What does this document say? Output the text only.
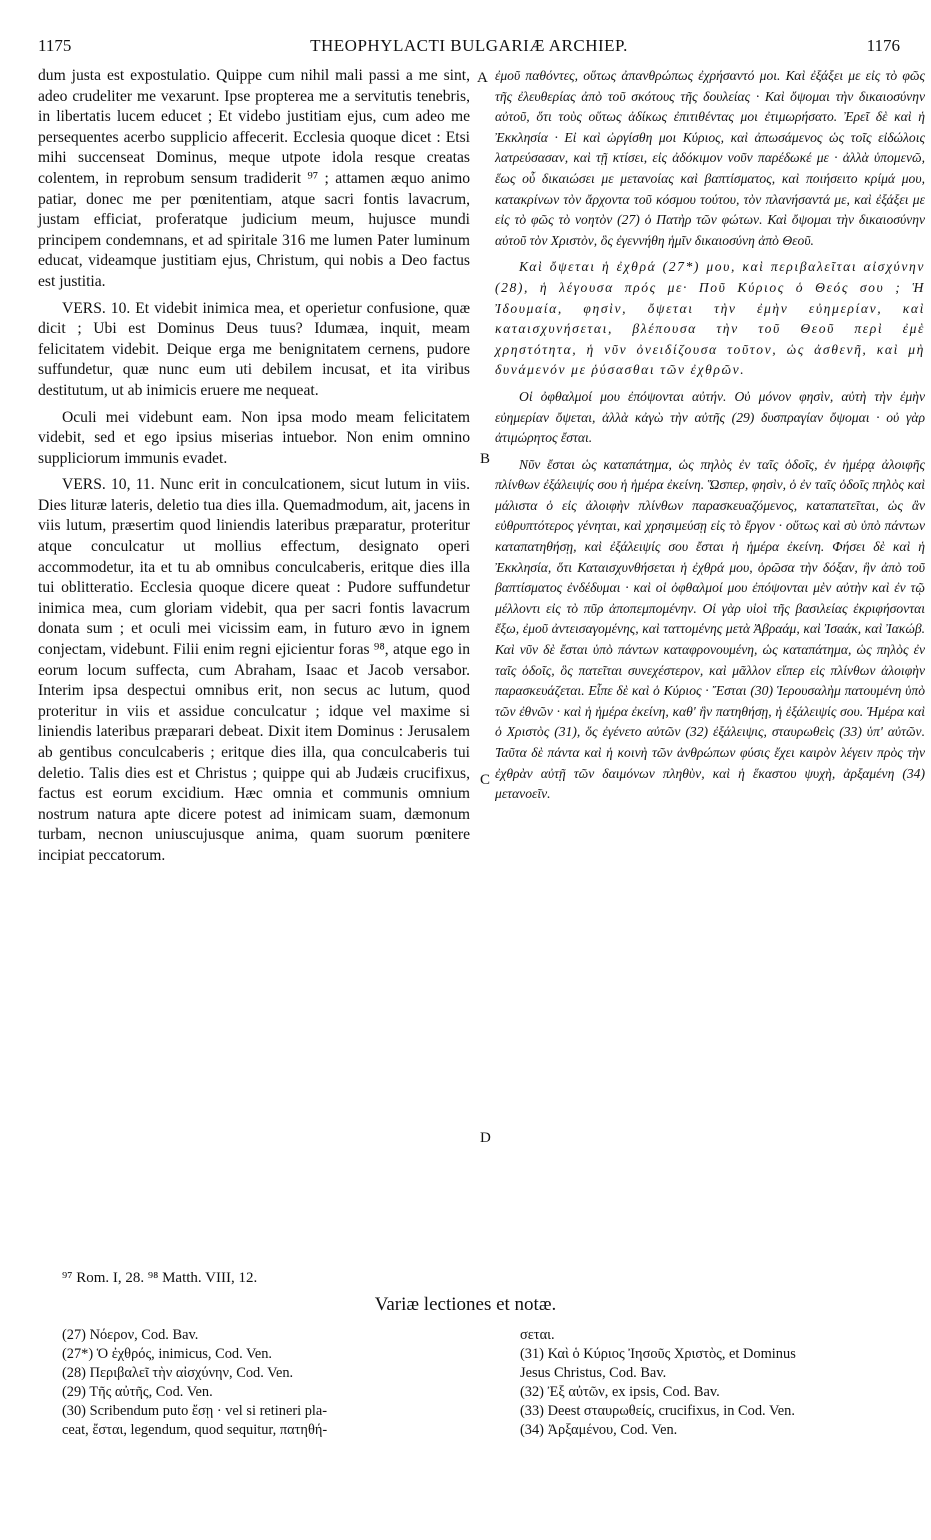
1175	THEOPHYLACTI BULGARIÆ ARCHIEP.	1176

dum justa est expostulatio. Quippe cum nihil mali passi a me sint, adeo crudeliter me vexarunt. Ipse propterea me a servitutis tenebris, in libertatis lucem educet ; Et videbo justitiam ejus, cum adeo me persequentes acerbo supplicio affecerit. Ecclesia quoque dicet : Etsi mihi succenseat Dominus, meque utpote idola resque creatas colentem, in reprobum sensum tradiderit ⁹⁷ ; attamen æquo animo patiar, donec me per pœnitentiam, atque sacri fontis lavacrum, justam efficiat, proferatque judicium meum, hujusce mundi principem condemnans, et ad spiritale 316 me lumen Pater luminum educat, videamque justitiam ejus, Christum, qui nobis a Deo factus est justitia.

VERS. 10. Et videbit inimica mea, et operietur confusione, quæ dicit ; Ubi est Dominus Deus tuus? Idumæa, inquit, meam felicitatem videbit. Deique erga me benignitatem cernens, pudore suffundetur, quæ nunc eum uti debilem incusat, et ita viribus destitutum, ut ab inimicis eruere me nequeat.

Oculi mei videbunt eam. Non ipsa modo meam felicitatem videbit, sed et ego ipsius miserias intuebor. Non enim omnino suppliciorum immunis evadet.

VERS. 10, 11. Nunc erit in conculcationem, sicut lutum in viis. Dies lituræ lateris, deletio tua dies illa. Quemadmodum, ait, jacens in viis lutum, præsertim quod liniendis lateribus præparatur, proteritur atque conculcatur ut mollius effectum, designato operi accommodetur, ita et tu ab omnibus conculcaberis, eritque dies illa tui oblitteratio. Ecclesia quoque dicere queat : Pudore suffundetur inimica mea, cum gloriam videbit, qua per sacri fontis lavacrum donata sum ; et oculi mei vicissim eam, in futuro ævo in ignem conjectam, videbunt. Filii enim regni ejicientur foras ⁹⁸, atque ego in eorum locum suffecta, cum Abraham, Isaac et Jacob versabor. Interim ipsa despectui omnibus erit, non secus ac lutum, quod proteritur in viis et assidue conculcatur ; idque vel maxime si liniendis lateribus præparari debeat. Dixit item Dominus : Jerusalem ab gentibus conculcaberis ; eritque dies illa, qua conculcaberis tui deletio. Talis dies est et Christus ; quippe qui ab Judæis crucifixus, factus est eorum excidium. Hæc omnia et communis omnium nostrum natura apte dicere potest ad inimicam suam, dæmonum turbam, necnon uniuscujusque anima, quam suorum pœnitere incipiat peccatorum.

ἐμοῦ παθόντες, οὕτως ἀπανθρώπως ἐχρήσαντό μοι. Καὶ ἐξάξει με εἰς τὸ φῶς τῆς ἐλευθερίας ἀπὸ τοῦ σκότους τῆς δουλείας · Καὶ ὄψομαι τὴν δικαιοσύνην αὐτοῦ, ὅτι τοὺς οὕτως ἀδίκως ἐπιτιθέντας μοι ἐτιμωρήσατο. Ἐρεῖ δὲ καὶ ἡ Ἐκκλησία · Εἰ καὶ ὠργίσθη μοι Κύριος, καὶ ἀπωσάμενος ὡς τοῖς εἰδώλοις λατρεύσασαν, καὶ τῇ κτίσει, εἰς ἀδόκιμον νοῦν παρέδωκέ με · ἀλλὰ ὑπομενῶ, ἕως οὗ δικαιώσει με μετανοίας καὶ βαπτίσματος, καὶ ποιήσειτο κρίμά μου, κατακρίνων τὸν ἄρχοντα τοῦ κόσμου τούτου, τὸν πλανήσαντά με, καὶ ἐξάξει με εἰς τὸ φῶς τὸ νοητὸν (27) ὁ Πατὴρ τῶν φώτων. Καὶ ὄψομαι τὴν δικαιοσύνην αὐτοῦ τὸν Χριστὸν, ὃς ἐγεννήθη ἡμῖν δικαιοσύνη ἀπὸ Θεοῦ.

Καὶ ὄψεται ἡ ἐχθρά (27*) μου, καὶ περιβαλεῖται αἰσχύνην (28), ἡ λέγουσα πρός με· Ποῦ Κύριος ὁ Θεός σου ; Ἡ Ἰδουμαία, φησὶν, ὄψεται τὴν ἐμὴν εὐημερίαν, καὶ καταισχυνήσεται, βλέπουσα τὴν τοῦ Θεοῦ περὶ ἐμὲ χρηστότητα, ἡ νῦν ὀνειδίζουσα τοῦτον, ὡς ἀσθενῆ, καὶ μὴ δυνάμενόν με ῥύσασθαι τῶν ἐχθρῶν.

Οἱ ὀφθαλμοί μου ἐπόψονται αὐτήν. Οὐ μόνον φησὶν, αὐτὴ τὴν ἐμὴν εὐημερίαν ὄψεται, ἀλλὰ κἀγὼ τὴν αὐτῆς (29) δυσπραγίαν ὄψομαι · οὐ γὰρ ἀτιμώρητος ἔσται.

Νῦν ἔσται ὡς καταπάτημα, ὡς πηλὸς ἐν ταῖς ὁδοῖς, ἐν ἡμέρᾳ ἀλοιφῆς πλίνθων ἐξάλειψίς σου ἡ ἡμέρα ἐκείνη. Ὥσπερ, φησὶν, ὁ ἐν ταῖς ὁδοῖς πηλὸς καὶ μάλιστα ὁ εἰς ἀλοιφὴν πλίνθων παρασκευαζόμενος, καταπατεῖται, ὡς ἂν εὐθρυπτότερος γένηται, καὶ χρησιμεύσῃ εἰς τὸ ἔργον · οὕτως καὶ σὺ ὑπὸ πάντων καταπατηθήσῃ, καὶ ἐξάλειψίς σου ἔσται ἡ ἡμέρα ἐκείνη. Φήσει δὲ καὶ ἡ Ἐκκλησία, ὅτι Καταισχυνθήσεται ἡ ἐχθρά μου, ὁρῶσα τὴν δόξαν, ἣν ἀπὸ τοῦ βαπτίσματος ἐνδέδυμαι · καὶ οἱ ὀφθαλμοί μου ἐπόψονται μὲν αὐτὴν καὶ ἐν τῷ μέλλοντι εἰς τὸ πῦρ ἀποπεμπομένην. Οἱ γὰρ υἱοὶ τῆς βασιλείας ἐκριφήσονται ἔξω, ἐμοῦ ἀντεισαγομένης, καὶ ταττομένης μετὰ Ἀβραάμ, καὶ Ἰσαάκ, καὶ Ἰακώβ. Καὶ νῦν δὲ ἔσται ὑπὸ πάντων καταφρονουμένη, ὡς καταπάτημα, ὡς πηλὸς ἐν ταῖς ὁδοῖς, ὃς πατεῖται συνεχέστερον, καὶ μᾶλλον εἴπερ εἰς πλίνθων ἀλοιφὴν παρασκευάζεται. Εἶπε δὲ καὶ ὁ Κύριος · Ἔσται (30) Ἱερουσαλὴμ πατουμένη ὑπὸ τῶν ἐθνῶν · καὶ ἡ ἡμέρα ἐκείνη, καθ' ἣν πατηθήσῃ, ἡ ἐξάλειψίς σου. Ἡμέρα καὶ ὁ Χριστὸς (31), ὅς ἐγένετο αὐτῶν (32) ἐξάλειψις, σταυρωθεὶς (33) ὑπ' αὐτῶν. Ταῦτα δὲ πάντα καὶ ἡ κοινὴ τῶν ἀνθρώπων φύσις ἔχει καιρὸν λέγειν πρὸς τὴν ἐχθρὰν αὐτῇ τῶν δαιμόνων πληθὺν, καὶ ἡ ἕκαστου ψυχὴ, ἀρξαμένη (34) μετανοεῖν.

A
B
C
D
⁹⁷ Rom. I, 28. ⁹⁸ Matth. VIII, 12.
Variæ lectiones et notæ.
(27) Νόερον, Cod. Bav.
(27*) Ὁ ἐχθρός, inimicus, Cod. Ven.
(28) Περιβαλεῖ τὴν αἰσχύνην, Cod. Ven.
(29) Τῆς αὐτῆς, Cod. Ven.
(30) Scribendum puto ἔσῃ · vel si retineri pla-
ceat, ἔσται, legendum, quod sequitur, πατηθή-
σεται.
(31) Καὶ ὁ Κύριος Ἰησοῦς Χριστὸς, et Dominus
Jesus Christus, Cod. Bav.
(32) Ἐξ αὐτῶν, ex ipsis, Cod. Bav.
(33) Deest σταυρωθείς, crucifixus, in Cod. Ven.
(34) Ἀρξαμένου, Cod. Ven.
